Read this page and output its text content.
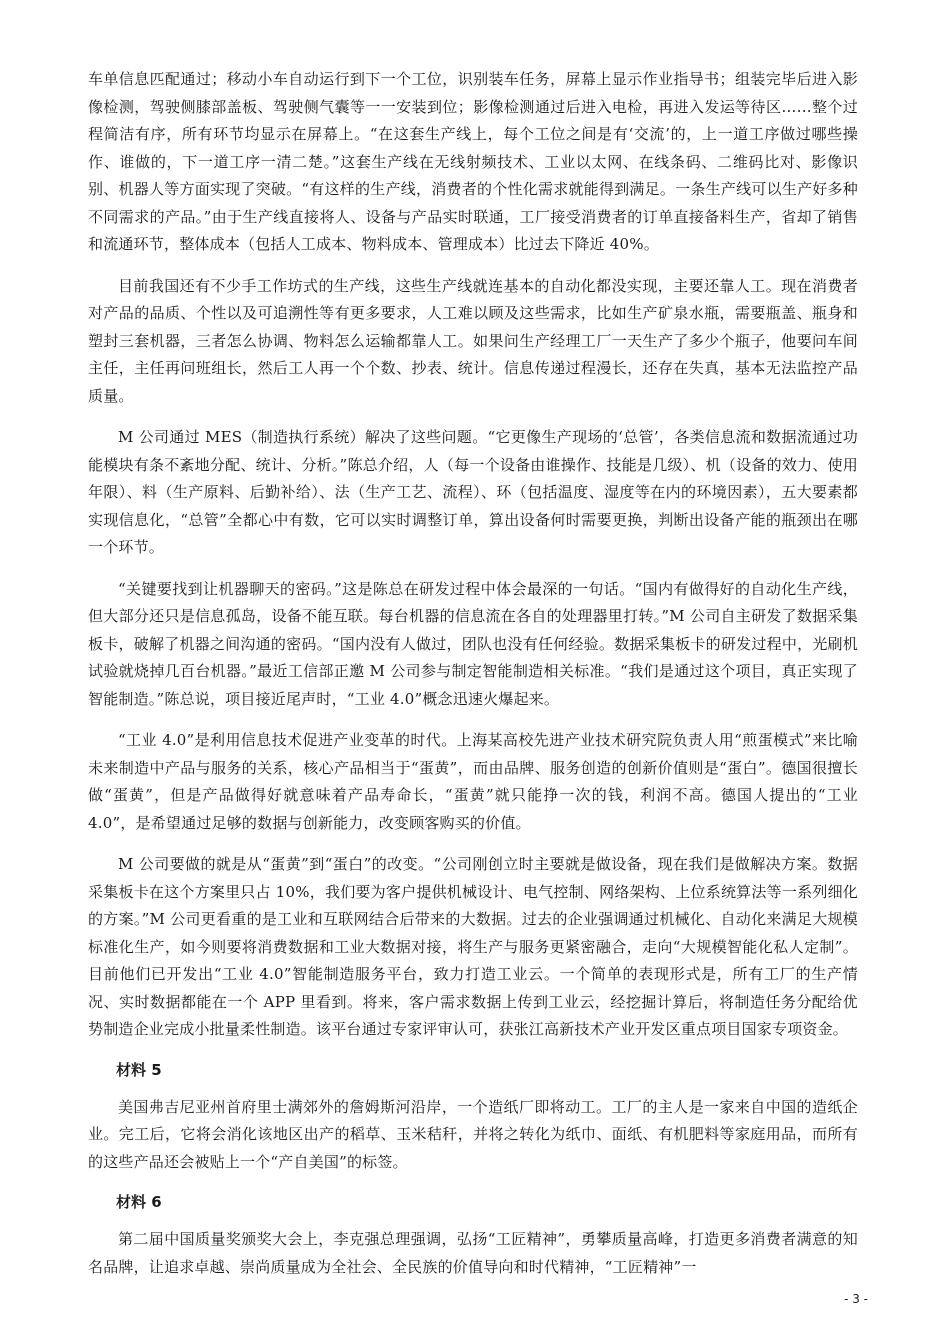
车单信息匹配通过；移动小车自动运行到下一个工位，识别装车任务，屏幕上显示作业指导书；组装完毕后进入影像检测，驾驶侧膝部盖板、驾驶侧气囊等一一安装到位；影像检测通过后进入电检，再进入发运等待区……整个过程简洁有序，所有环节均显示在屏幕上。“在这套生产线上，每个工位之间是有‘交流’的，上一道工序做过哪些操作、谁做的，下一道工序一清二楚。”这套生产线在无线射频技术、工业以太网、在线条码、二维码比对、影像识别、机器人等方面实现了突破。“有这样的生产线，消费者的个性化需求就能得到满足。一条生产线可以生产好多种不同需求的产品。”由于生产线直接将人、设备与产品实时联通，工厂接受消费者的订单直接备料生产，省却了销售和流通环节，整体成本（包括人工成本、物料成本、管理成本）比过去下降近 40%。

目前我国还有不少手工作坊式的生产线，这些生产线就连基本的自动化都没实现，主要还靠人工。现在消费者对产品的品质、个性以及可追溯性等有更多要求，人工难以顾及这些需求，比如生产矿泉水瓶，需要瓶盖、瓶身和塑封三套机器，三者怎么协调、物料怎么运输都靠人工。如果问生产经理工厂一天生产了多少个瓶子，他要问车间主任，主任再问班组长，然后工人再一个个数、抄表、统计。信息传递过程漫长，还存在失真，基本无法监控产品质量。

M 公司通过 MES（制造执行系统）解决了这些问题。“它更像生产现场的‘总管’，各类信息流和数据流通过功能模块有条不紊地分配、统计、分析。”陈总介绍，人（每一个设备由谁操作、技能是几级）、机（设备的效力、使用年限）、料（生产原料、后勤补给）、法（生产工艺、流程）、环（包括温度、湿度等在内的环境因素），五大要素都实现信息化，“总管”全都心中有数，它可以实时调整订单，算出设备何时需要更换，判断出设备产能的瓶颈出在哪一个环节。

“关键要找到让机器聊天的密码。”这是陈总在研发过程中体会最深的一句话。“国内有做得好的自动化生产线，但大部分还只是信息孤岛，设备不能互联。每台机器的信息流在各自的处理器里打转。”M 公司自主研发了数据采集板卡，破解了机器之间沟通的密码。“国内没有人做过，团队也没有任何经验。数据采集板卡的研发过程中，光刷机试验就烧掉几百台机器。”最近工信部正邀 M 公司参与制定智能制造相关标准。“我们是通过这个项目，真正实现了智能制造。”陈总说，项目接近尾声时，“工业 4.0”概念迅速火爆起来。

“工业 4.0”是利用信息技术促进产业变革的时代。上海某高校先进产业技术研究院负责人用“煎蛋模式”来比喻未来制造中产品与服务的关系，核心产品相当于“蛋黄”，而由品牌、服务创造的创新价值则是“蛋白”。德国很擅长做“蛋黄”，但是产品做得好就意味着产品寿命长，“蛋黄”就只能挣一次的钱，利润不高。德国人提出的“工业 4.0”，是希望通过足够的数据与创新能力，改变顾客购买的价值。

M 公司要做的就是从“蛋黄”到“蛋白”的改变。“公司刚创立时主要就是做设备，现在我们是做解决方案。数据采集板卡在这个方案里只占 10%，我们要为客户提供机械设计、电气控制、网络架构、上位系统算法等一系列细化的方案。”M 公司更看重的是工业和互联网结合后带来的大数据。过去的企业强调通过机械化、自动化来满足大规模标准化生产，如今则要将消费数据和工业大数据对接，将生产与服务更紧密融合，走向“大规模智能化私人定制”。目前他们已开发出“工业 4.0”智能制造服务平台，致力打造工业云。一个简单的表现形式是，所有工厂的生产情况、实时数据都能在一个 APP 里看到。将来，客户需求数据上传到工业云，经挖掘计算后，将制造任务分配给优势制造企业完成小批量柔性制造。该平台通过专家评审认可，获张江高新技术产业开发区重点项目国家专项资金。

材料 5

美国弗吉尼亚州首府里士满郊外的詹姆斯河沿岸，一个造纸厂即将动工。工厂的主人是一家来自中国的造纸企业。完工后，它将会消化该地区出产的稻草、玉米秸秆，并将之转化为纸巾、面纸、有机肥料等家庭用品，而所有的这些产品还会被贴上一个“产自美国”的标签。

材料 6

第二届中国质量奖颁奖大会上，李克强总理强调，弘扬“工匠精神”，勇攀质量高峰，打造更多消费者满意的知名品牌，让追求卓越、崇尚质量成为全社会、全民族的价值导向和时代精神，“工匠精神”一

- 3 -
